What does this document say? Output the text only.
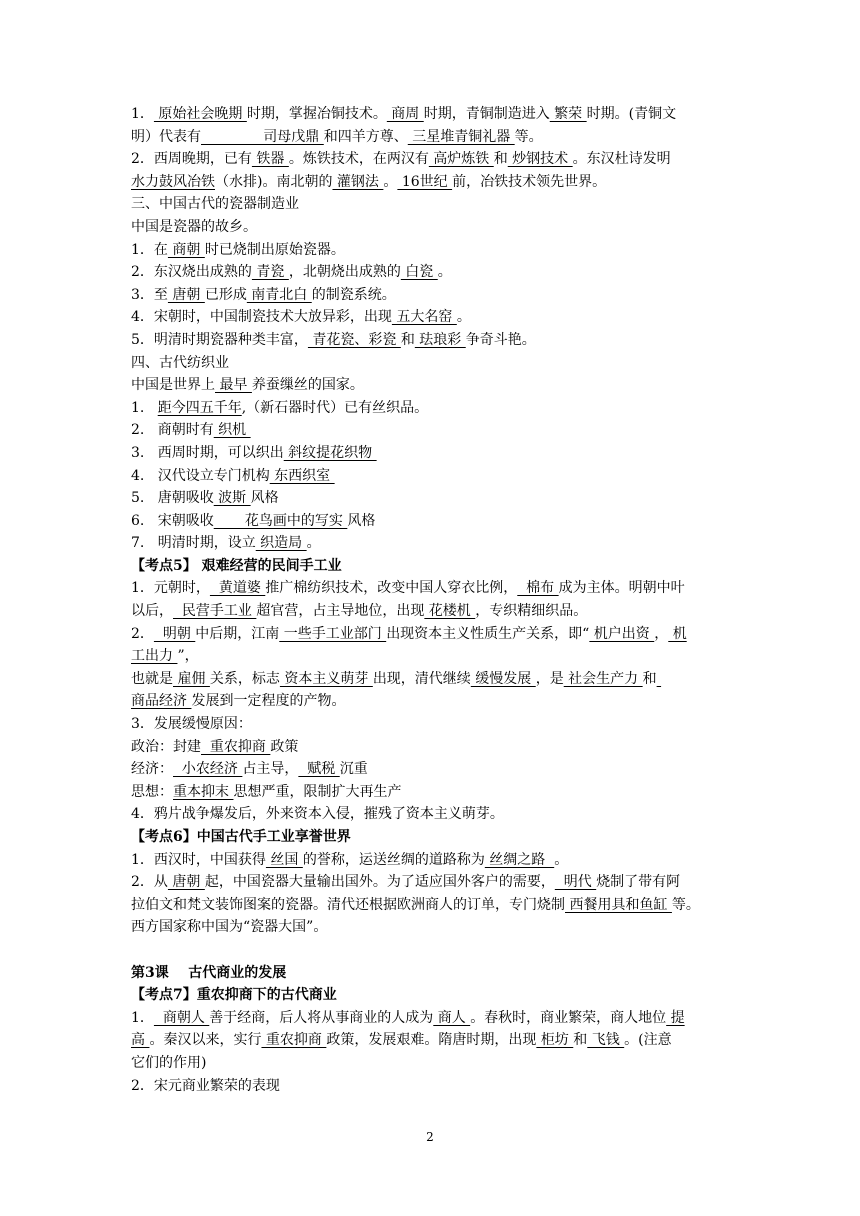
1． 原始社会晚期 时期，掌握冶铜技术。 商周 时期，青铜制造进入 繁荣 时期。(青铜文
明）代表有              司母戊鼎 和四羊方尊、 三星堆青铜礼器 等。
2．西周晚期，已有 铁器 。炼铁技术，在两汉有 高炉炼铁 和 炒钢技术 。东汉杜诗发明
水力鼓风冶铁（水排)。南北朝的 灌钢法 。 16世纪 前，冶铁技术领先世界。
三、中国古代的瓷器制造业
中国是瓷器的故乡。
1．在 商朝 时已烧制出原始瓷器。
2．东汉烧出成熟的 青瓷 ，北朝烧出成熟的 白瓷 。
3．至 唐朝 已形成 南青北白 的制瓷系统。
4．宋朝时，中国制瓷技术大放异彩，出现 五大名窑 。
5．明清时期瓷器种类丰富， 青花瓷、彩瓷 和 珐琅彩 争奇斗艳。
四、古代纺织业
中国是世界上 最早 养蚕缫丝的国家。
1.   距今四五千年,（新石器时代）已有丝织品。
2.   商朝时有 织机
3.   西周时期，可以织出 斜纹提花织物
4.   汉代设立专门机构 东西织室
5.   唐朝吸收 波斯 风格
6.   宋朝吸收       花鸟画中的写实 风格
7.   明清时期，设立 织造局 。
【考点5】 艰难经营的民间手工业
1．元朝时，  黄道婆 推广棉纺织技术，改变中国人穿衣比例，  棉布 成为主体。明朝中叶
以后，  民营手工业 超官营，占主导地位，出现 花楼机 ，专织精细织品。
2．  明朝 中后期，江南 一些手工业部门 出现资本主义性质生产关系，即“ 机户出资 ， 机
工出力 ”，
也就是 雇佣 关系，标志 资本主义萌芽 出现，清代继续 缓慢发展 ，是 社会生产力 和
商品经济 发展到一定程度的产物。
3．发展缓慢原因：
政治：封建  重农抑商 政策
经济：  小农经济 占主导，  赋税 沉重
思想：重本抑末 思想严重，限制扩大再生产
4．鸦片战争爆发后，外来资本入侵，摧残了资本主义萌芽。
【考点6】中国古代手工业享誉世界
1．西汉时，中国获得 丝国 的誉称，运送丝绸的道路称为 丝绸之路  。
2．从 唐朝 起，中国瓷器大量输出国外。为了适应国外客户的需要，  明代 烧制了带有阿
拉伯文和梵文装饰图案的瓷器。清代还根据欧洲商人的订单，专门烧制 西餐用具和鱼缸 等。
西方国家称中国为“瓷器大国”。
第3课    古代商业的发展
【考点7】重农抑商下的古代商业
1．  商朝人 善于经商，后人将从事商业的人成为 商人 。春秋时，商业繁荣，商人地位 提
高 。秦汉以来，实行 重农抑商 政策，发展艰难。隋唐时期，出现 柜坊 和 飞钱 。(注意
它们的作用)
2．宋元商业繁荣的表现
2
